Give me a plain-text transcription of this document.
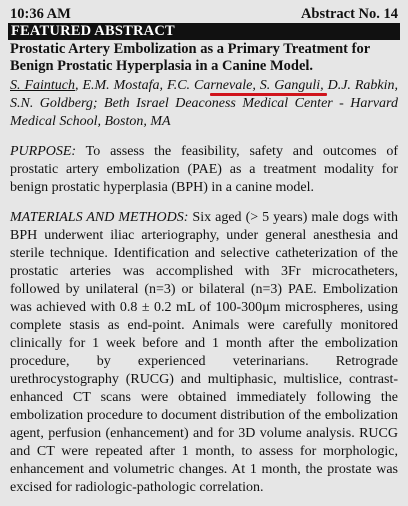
10:36 AM	Abstract No. 14
FEATURED ABSTRACT
Prostatic Artery Embolization as a Primary Treatment for Benign Prostatic Hyperplasia in a Canine Model.
S. Faintuch, E.M. Mostafa, F.C. Carnevale, S. Ganguli, D.J. Rabkin, S.N. Goldberg; Beth Israel Deaconess Medical Center - Harvard Medical School, Boston, MA
PURPOSE: To assess the feasibility, safety and outcomes of prostatic artery embolization (PAE) as a treatment modality for benign prostatic hyperplasia (BPH) in a canine model.
MATERIALS AND METHODS: Six aged (> 5 years) male dogs with BPH underwent iliac arteriography, under general anesthesia and sterile technique. Identification and selective catheterization of the prostatic arteries was accomplished with 3Fr microcatheters, followed by unilateral (n=3) or bilateral (n=3) PAE. Embolization was achieved with 0.8 ± 0.2 mL of 100-300μm microspheres, using complete stasis as end-point. Animals were carefully monitored clinically for 1 week before and 1 month after the embolization procedure, by experienced veterinarians. Retrograde urethrocystography (RUCG) and multiphasic, multislice, contrast-enhanced CT scans were obtained immediately following the embolization procedure to document distribution of the embolization agent, perfusion (enhancement) and for 3D volume analysis. RUCG and CT were repeated after 1 month, to assess for morphologic, enhancement and volumetric changes. At 1 month, the prostate was excised for radiologic-pathologic correlation.
